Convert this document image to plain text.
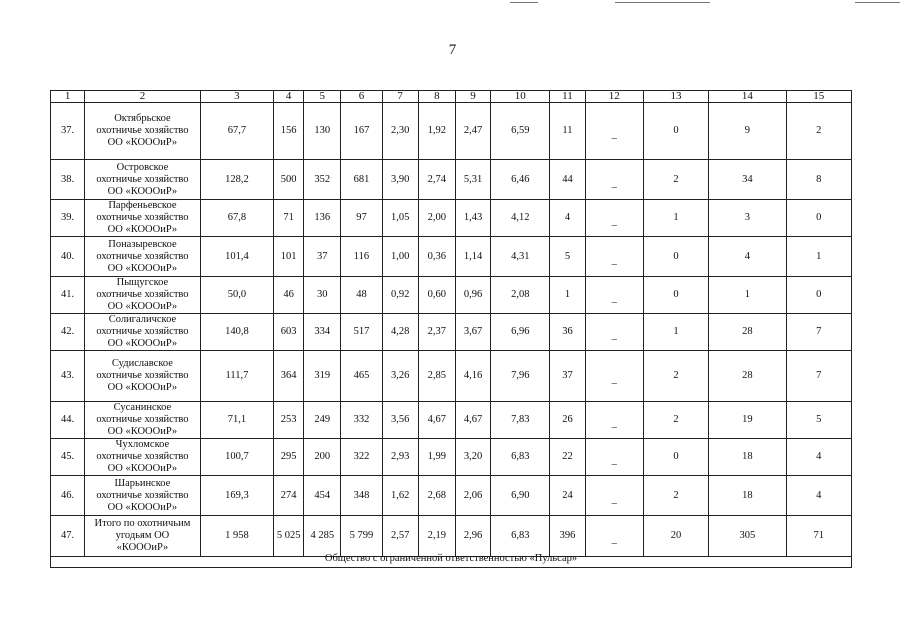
7
1	2	3	4	5	6	7	8	9	10	11	12	13	14	15
37.	Октябрьское
охотничье хозяйство
ОО «КОООиР»	67,7	156	130	167	2,30	1,92	2,47	6,59	11	_	0	9	2
38.	Островское
охотничье хозяйство
ОО «КОООиР»	128,2	500	352	681	3,90	2,74	5,31	6,46	44	_	2	34	8
39.	Парфеньевское
охотничье хозяйство
ОО «КОООиР»	67,8	71	136	97	1,05	2,00	1,43	4,12	4	_	1	3	0
40.	Поназыревское
охотничье хозяйство
ОО «КОООиР»	101,4	101	37	116	1,00	0,36	1,14	4,31	5	_	0	4	1
41.	Пыщугское
охотничье хозяйство
ОО «КОООиР»	50,0	46	30	48	0,92	0,60	0,96	2,08	1	_	0	1	0
42.	Солигаличское
охотничье хозяйство
ОО «КОООиР»	140,8	603	334	517	4,28	2,37	3,67	6,96	36	_	1	28	7
43.	Судиславское
охотничье хозяйство
ОО «КОООиР»	111,7	364	319	465	3,26	2,85	4,16	7,96	37	_	2	28	7
44.	Сусанинское
охотничье хозяйство
ОО «КОООиР»	71,1	253	249	332	3,56	4,67	4,67	7,83	26	_	2	19	5
45.	Чухломское
охотничье хозяйство
ОО «КОООиР»	100,7	295	200	322	2,93	1,99	3,20	6,83	22	_	0	18	4
46.	Шарьинское
охотничье хозяйство
ОО «КОООиР»	169,3	274	454	348	1,62	2,68	2,06	6,90	24	_	2	18	4
47.	Итого по охотничьим
угодьям ОО
«КОООиР»	1 958	5 025	4 285	5 799	2,57	2,19	2,96	6,83	396	_	20	305	71
Общество с ограниченной ответственностью «Пульсар»
